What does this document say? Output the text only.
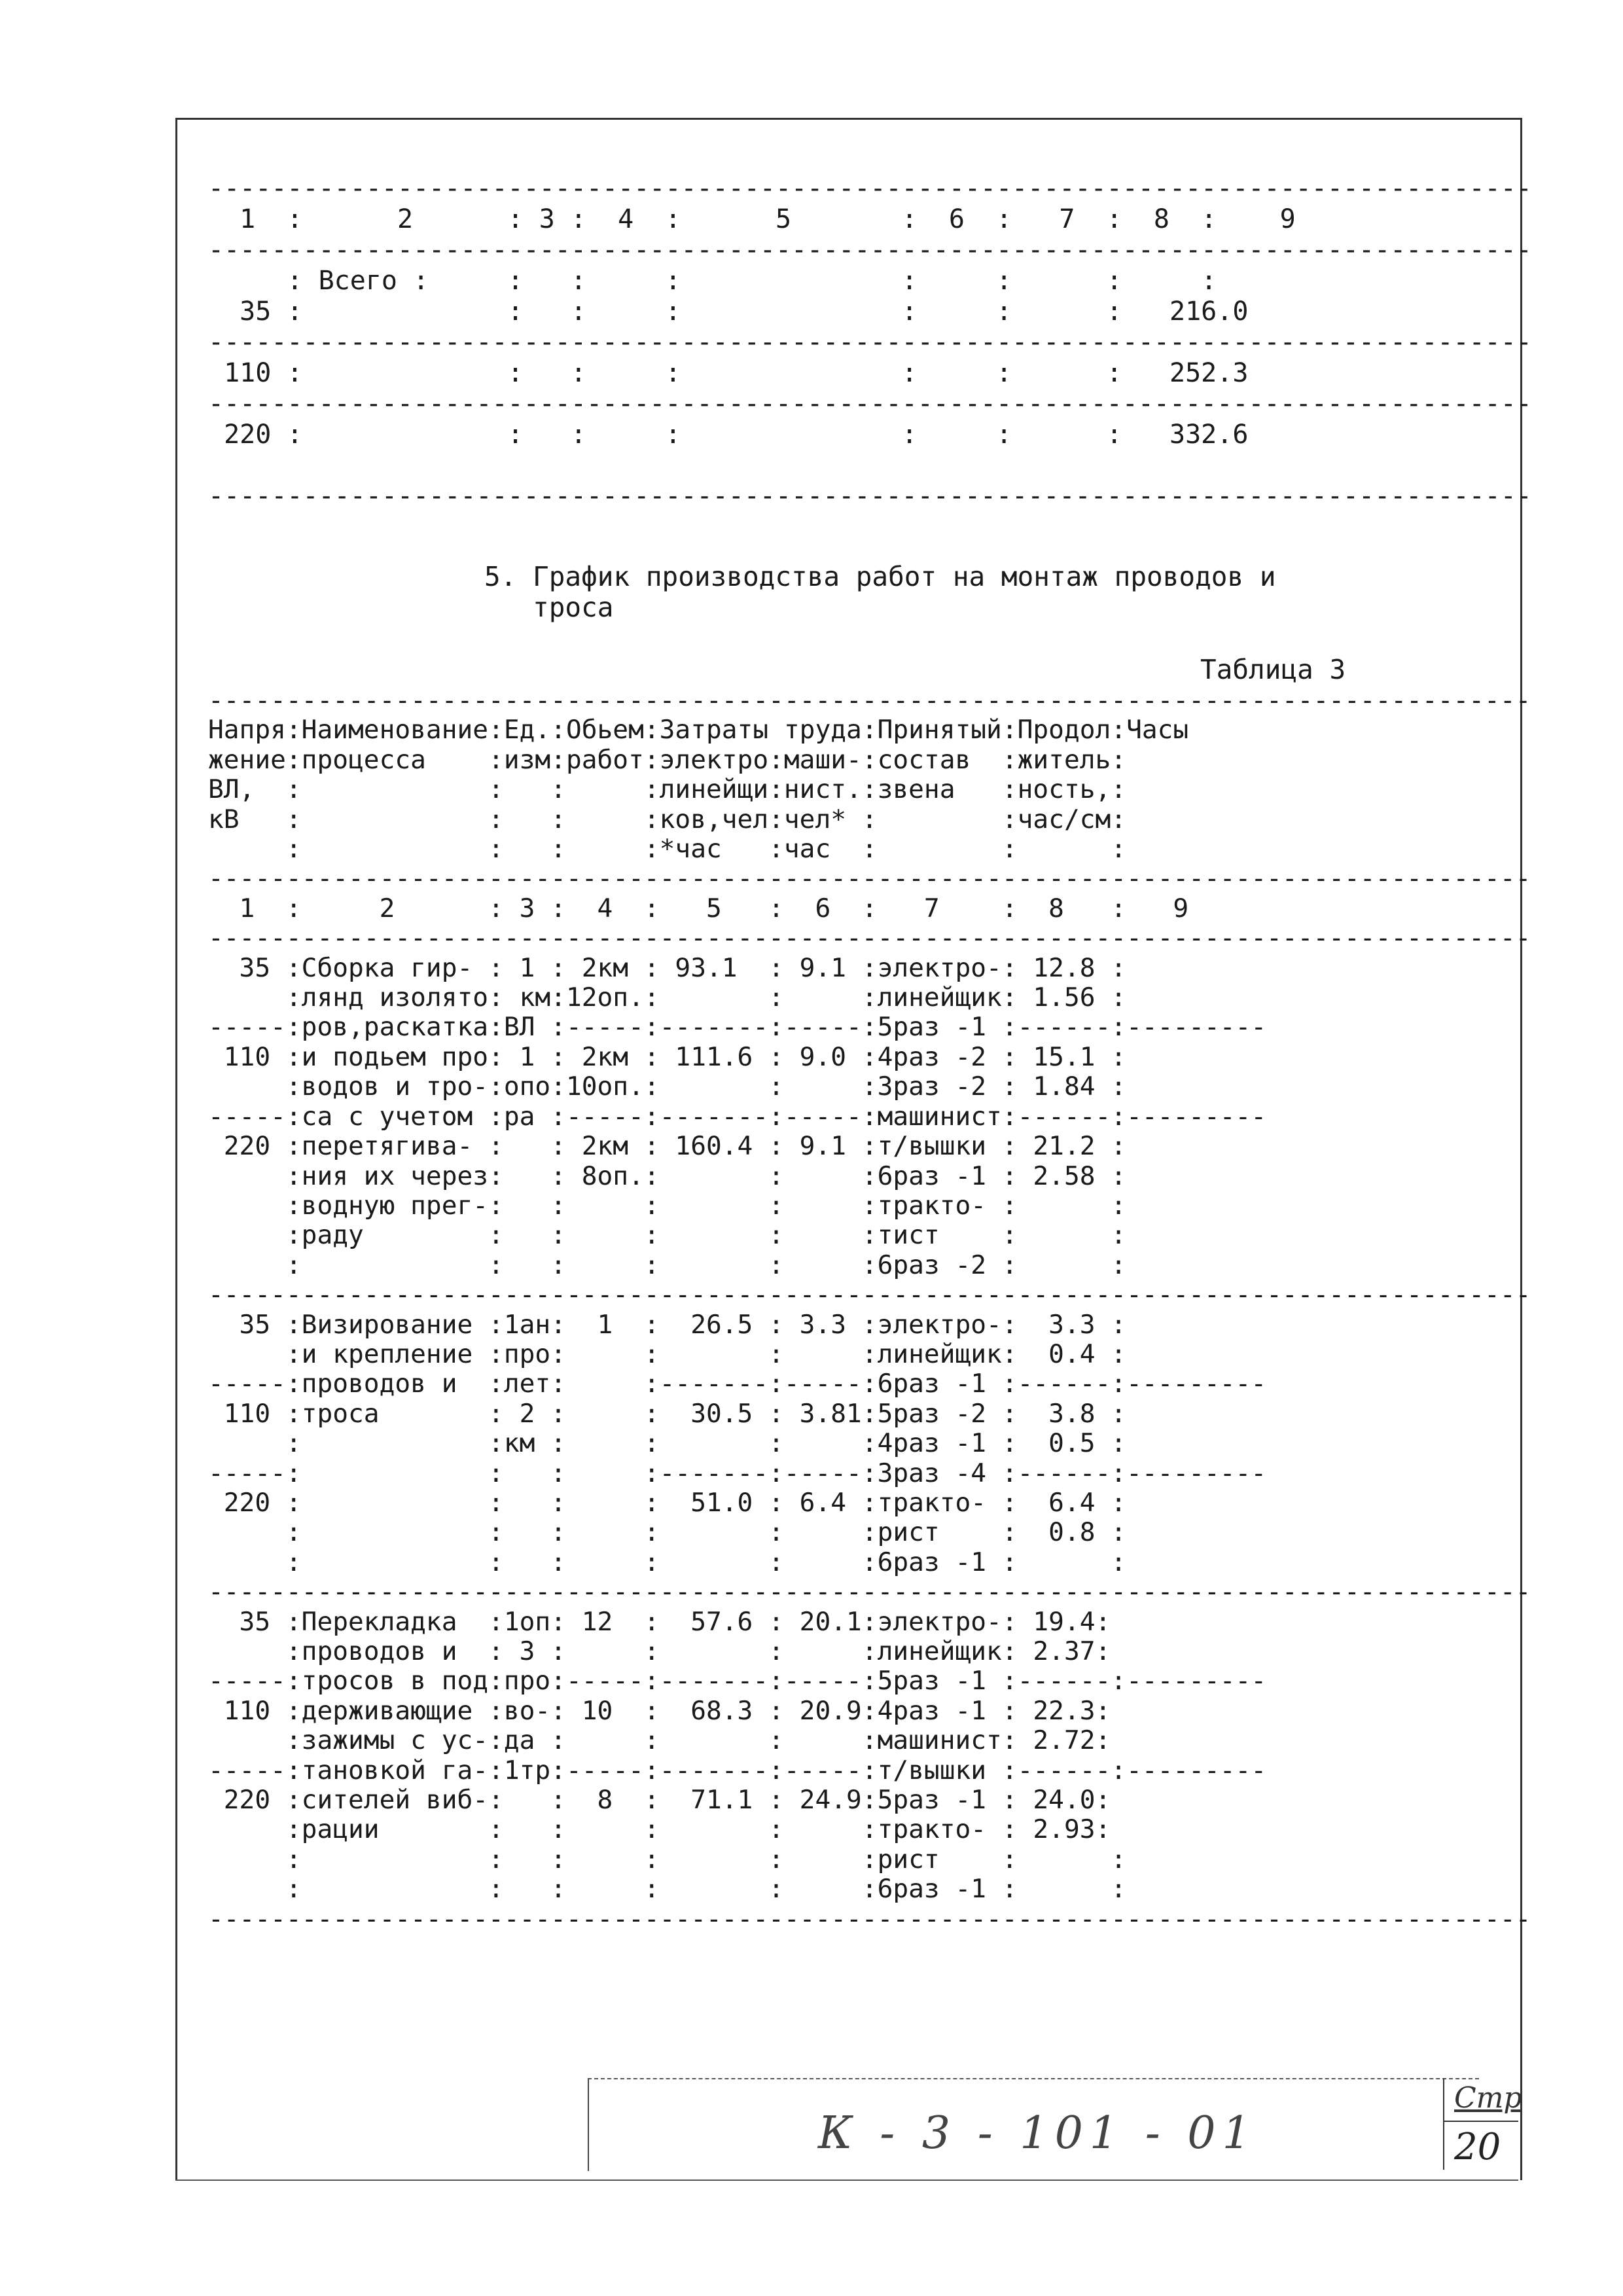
------------------------------------------------------------------------------------
1  :      2      : 3 :  4  :      5       :  6  :   7  :  8  :    9
------------------------------------------------------------------------------------
: Всего :     :   :     :              :     :      :     :
35 :             :   :     :              :     :      :   216.0
------------------------------------------------------------------------------------
110 :             :   :     :              :     :      :   252.3
------------------------------------------------------------------------------------
220 :             :   :     :              :     :      :   332.6

------------------------------------------------------------------------------------
5. График производства работ на монтаж проводов и
троса
Таблица 3
-------------------------------------------------------------------------------------
Напря:Наименование:Ед.:Обьем:Затраты труда:Принятый:Продол:Часы
жение:процесса    :изм:работ:электро:маши-:состав  :житель:
ВЛ,  :            :   :     :линейщи:нист.:звена   :ность,:
кВ   :            :   :     :ков,чел:чел* :        :час/см:
:            :   :     :*час   :час  :        :      :
-------------------------------------------------------------------------------------
1  :     2      : 3 :  4  :   5   :  6  :   7    :  8   :   9
-------------------------------------------------------------------------------------
35 :Сборка гир- : 1 : 2км : 93.1  : 9.1 :электро-: 12.8 :
:лянд изолято: км:12оп.:       :     :линейщик: 1.56 :
-----:ров,раскатка:ВЛ :-----:-------:-----:5раз -1 :------:---------
110 :и подьем про: 1 : 2км : 111.6 : 9.0 :4раз -2 : 15.1 :
:водов и тро-:опо:10оп.:       :     :3раз -2 : 1.84 :
-----:са с учетом :ра :-----:-------:-----:машинист:------:---------
220 :перетягива- :   : 2км : 160.4 : 9.1 :т/вышки : 21.2 :
:ния их через:   : 8оп.:       :     :6раз -1 : 2.58 :
:водную прег-:   :     :       :     :тракто- :      :
:раду        :   :     :       :     :тист    :      :
:            :   :     :       :     :6раз -2 :      :
-------------------------------------------------------------------------------------
35 :Визирование :1ан:  1  :  26.5 : 3.3 :электро-:  3.3 :
:и крепление :про:     :       :     :линейщик:  0.4 :
-----:проводов и  :лет:     :-------:-----:6раз -1 :------:---------
110 :троса       : 2 :     :  30.5 : 3.81:5раз -2 :  3.8 :
:            :км :     :       :     :4раз -1 :  0.5 :
-----:            :   :     :-------:-----:3раз -4 :------:---------
220 :            :   :     :  51.0 : 6.4 :тракто- :  6.4 :
:            :   :     :       :     :рист    :  0.8 :
:            :   :     :       :     :6раз -1 :      :
-------------------------------------------------------------------------------------
35 :Перекладка  :1оп: 12  :  57.6 : 20.1:электро-: 19.4:
:проводов и  : 3 :     :       :     :линейщик: 2.37:
-----:тросов в под:про:-----:-------:-----:5раз -1 :------:---------
110 :держивающие :во-: 10  :  68.3 : 20.9:4раз -1 : 22.3:
:зажимы с ус-:да :     :       :     :машинист: 2.72:
-----:тановкой га-:1тр:-----:-------:-----:т/вышки :------:---------
220 :сителей виб-:   :  8  :  71.1 : 24.9:5раз -1 : 24.0:
:рации       :   :     :       :     :тракто- : 2.93:
:            :   :     :       :     :рист    :      :
:            :   :     :       :     :6раз -1 :      :
-------------------------------------------------------------------------------------
К - 3 - 101 - 01
Стр
20
